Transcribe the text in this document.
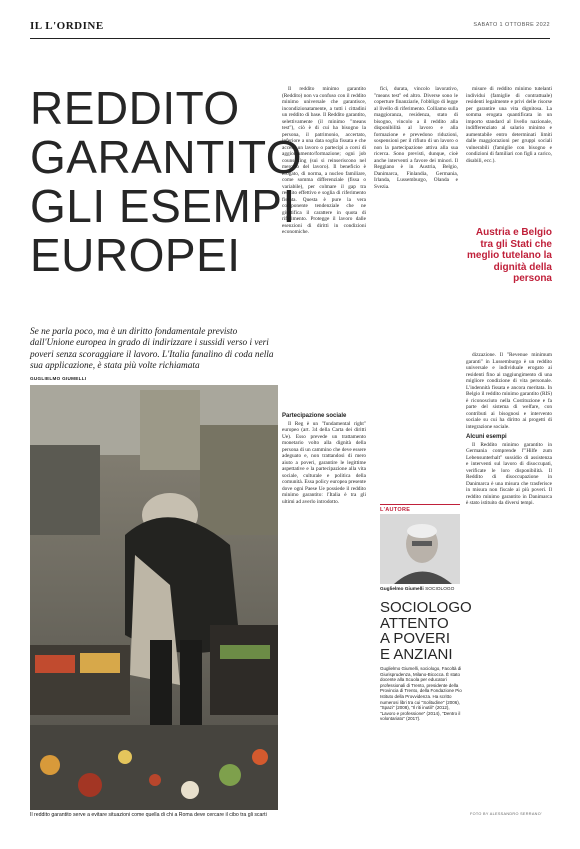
IL L'ORDINE	SABATO 1 OTTOBRE 2022
REDDITO
GARANTITO
GLI ESEMPI
EUROPEI
Se ne parla poco, ma è un diritto fondamentale previsto dall'Unione europea in grado di indirizzare i sussidi verso i veri poveri senza scoraggiare il lavoro. L'Italia fanalino di coda nella sua applicazione, è stata più volte richiamata
GUGLIELMO GIUMELLI
Il reddito garantito serve a evitare situazioni come quella di chi a Roma deve cercare il cibo tra gli scarti	FOTO BY ALESSANDRO SERRANO'

Il reddito minimo garantito (Reddito) non va confuso con il reddito minimo universale che garantisce, incondizionatamente, a tutti i cittadini un reddito di base. Il Reddito garantito, selettivamente (il minimo "means test"), ciò è di cui ha bisogno la persona, il patrimonio, accertato, inferiore a una data soglia fissata e che accetti un lavoro o partecipi a corsi di aggiornamento/formazione; ogni job counselling (sui si reinseriscono nel mercato del lavoro). Il beneficio è erogato, di norma, a nucleo familiare, come somma differenziale (fissa o variabile), per colmare il gap tra reddito effettivo e soglia di riferimento fissata. Questa è pure la vera componente tendenziale che ne giustifica il carattere in quota di riferimento. Protegge il lavoro dalle esenzioni di diritti in condizioni economiche.

Partecipazione sociale

Il Reg è un "fundamental right" europeo (art. 34 della Carta dei diritti Ue). Esso prevede un trattamento monetario volto alla dignità della persona di un cammino che deve essere adeguato e, non trattandosi di mero aiuto a poveri, garantire le legittime aspettative e la partecipazione alla vita sociale, culturale e politica della comunità. Essa policy europea presente dove ogni Paese Ue possiede il reddito minimo garantito: l'Italia è tra gli ultimi ad averlo introdotto.

fici, durata, vincolo lavorativo, "means test" ed altro. Diverse sono le coperture finanziarie, l'obbligo di legge al livello di riferimento. Colliamo sulla maggioranza, residenza, stato di bisogno, vincolo a il reddito alla disponibilità al lavoro e alla formazione e prevedono riduzioni, sospensioni per il rifiuto di un lavoro o non la partecipazione attiva alla sua ricerca. Sono previsti, dunque, cioè anche interventi a favore dei minori. Il Reggiano è in Austria, Belgio, Danimarca, Finlandia, Germania, Irlanda, Lussemburgo, Olanda e Svezia.

misure di reddito minimo tutelanti individui (famiglie di contrattuale) residenti legalmente e privi delle risorse per garantire una vita dignitosa. La somma erogata quantificata in un importo standard al livello nazionale, indifferenziato al salario minimo e aumentabile entro determinati limiti dalle maggiorazioni per gruppi sociali vulnerabili (famiglie con bisogno e condizioni di familiari con figli a carico, disabili, ecc.).

Austria e Belgio tra gli Stati che meglio tutelano la dignità della persona

dizzazione. Il "Revenue minimum garanti" in Lussemburgo è un reddito universale e individuale erogato ai residenti fino ai raggiungimento di una migliore condizione di vita personale. L'indennità fissata e ancora meritata. In Belgio il reddito minimo garantito (RIS) è riconosciuto nella Costituzione e fa parte del sistema di welfare, con contributi ai bisognosi e intervento sociale su cui ha diritto ai progetti di integrazione sociale.

Alcuni esempi

Il Reddito minimo garantito in Germania comprende l'"Hilfe zum Lebensunterhalt" sussidio di assistenza e interventi sul lavoro di disoccupati, verificate le loro disponibilità. Il Reddito di disoccupazione in Danimarca è una misura che trasferisce in misura non fiscale ai più poveri. Il reddito minimo garantito in Danimarca è stato istituito da diversi tempi.

L'AUTORE
Guglielmo Giumelli SOCIOLOGO
SOCIOLOGO
ATTENTO
A POVERI
E ANZIANI
Guglielmo Giumelli, sociologo, Facoltà di Giurisprudenza, Milano-Bicocca. È stato docente alla Scuola per educatori professionali di Trento, presidente della Provincia di Trento, della Fondazione Pio Istituto della Provvidenza. Ha scritto numerosi libri tra cui "Solitudine" (2006), "Spazi" (2008), "Il riti inutili" (2012), "Lavoro e professione" (2014), "Dentro il volontariato" (2017).
